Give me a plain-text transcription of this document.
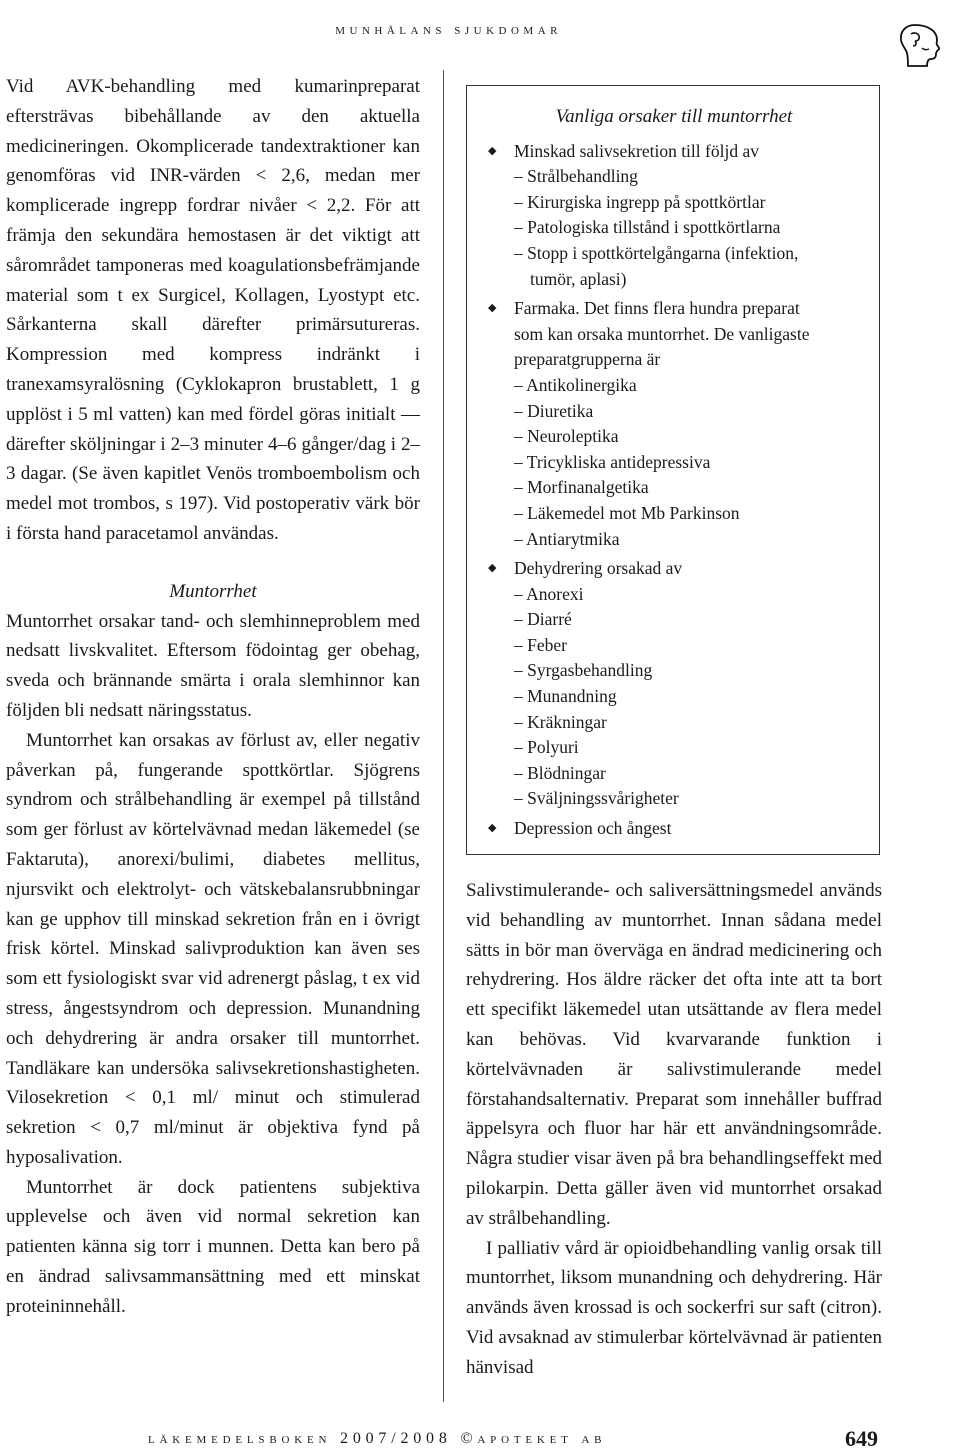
munhålans sjukdomar

Vid AVK-behandling med kumarinpreparat eftersträvas bibehållande av den aktuella medicineringen. Okomplicerade tandextraktioner kan genomföras vid INR-värden < 2,6, medan mer komplicerade ingrepp fordrar nivåer < 2,2. För att främja den sekundära hemostasen är det viktigt att sårområdet tamponeras med koagulationsbefrämjande material som t ex Surgicel, Kollagen, Lyostypt etc. Sårkanterna skall därefter primärsutureras. Kompression med kompress indränkt i tranexamsyralösning (Cyklokapron brustablett, 1 g upplöst i 5 ml vatten) kan med fördel göras initialt — därefter sköljningar i 2–3 minuter 4–6 gånger/dag i 2–3 dagar. (Se även kapitlet Venös tromboembolism och medel mot trombos, s 197). Vid postoperativ värk bör i första hand paracetamol användas.

Muntorrhet

Muntorrhet orsakar tand- och slemhinneproblem med nedsatt livskvalitet. Eftersom födointag ger obehag, sveda och brännande smärta i orala slemhinnor kan följden bli nedsatt näringsstatus.

Muntorrhet kan orsakas av förlust av, eller negativ påverkan på, fungerande spottkörtlar. Sjögrens syndrom och strålbehandling är exempel på tillstånd som ger förlust av körtelvävnad medan läkemedel (se Faktaruta), anorexi/bulimi, diabetes mellitus, njursvikt och elektrolyt- och vätskebalansrubbningar kan ge upphov till minskad sekretion från en i övrigt frisk körtel. Minskad salivproduktion kan även ses som ett fysiologiskt svar vid adrenergt påslag, t ex vid stress, ångestsyndrom och depression. Munandning och dehydrering är andra orsaker till muntorrhet. Tandläkare kan undersöka salivsekretionshastigheten. Vilosekretion < 0,1 ml/ minut och stimulerad sekretion < 0,7 ml/minut är objektiva fynd på hyposalivation.

Muntorrhet är dock patientens subjektiva upplevelse och även vid normal sekretion kan patienten känna sig torr i munnen. Detta kan bero på en ändrad salivsammansättning med ett minskat proteininnehåll.

Vanliga orsaker till muntorrhet
◆ Minskad salivsekretion till följd av

– Strålbehandling

– Kirurgiska ingrepp på spottkörtlar

– Patologiska tillstånd i spottkörtlarna

– Stopp i spottkörtelgångarna (infektion,

tumör, aplasi)

◆ Farmaka. Det finns flera hundra preparat

som kan orsaka muntorrhet. De vanligaste

preparatgrupperna är

– Antikolinergika

– Diuretika

– Neuroleptika

– Tricykliska antidepressiva

– Morfinanalgetika

– Läkemedel mot Mb Parkinson

– Antiarytmika

◆ Dehydrering orsakad av

– Anorexi

– Diarré

– Feber

– Syrgasbehandling

– Munandning

– Kräkningar

– Polyuri

– Blödningar

– Sväljningssvårigheter

◆ Depression och ångest

Salivstimulerande- och saliversättningsmedel används vid behandling av muntorrhet. Innan sådana medel sätts in bör man överväga en ändrad medicinering och rehydrering. Hos äldre räcker det ofta inte att ta bort ett specifikt läkemedel utan utsättande av flera medel kan behövas. Vid kvarvarande funktion i körtelvävnaden är salivstimulerande medel förstahandsalternativ. Preparat som innehåller buffrad äppelsyra och fluor har här ett användningsområde. Några studier visar även på bra behandlingseffekt med pilokarpin. Detta gäller även vid muntorrhet orsakad av strålbehandling.

I palliativ vård är opioidbehandling vanlig orsak till muntorrhet, liksom munandning och dehydrering. Här används även krossad is och sockerfri sur saft (citron). Vid avsaknad av stimulerbar körtelvävnad är patienten hänvisad

läkemedelsboken 2007/2008 ©apoteket ab	649
